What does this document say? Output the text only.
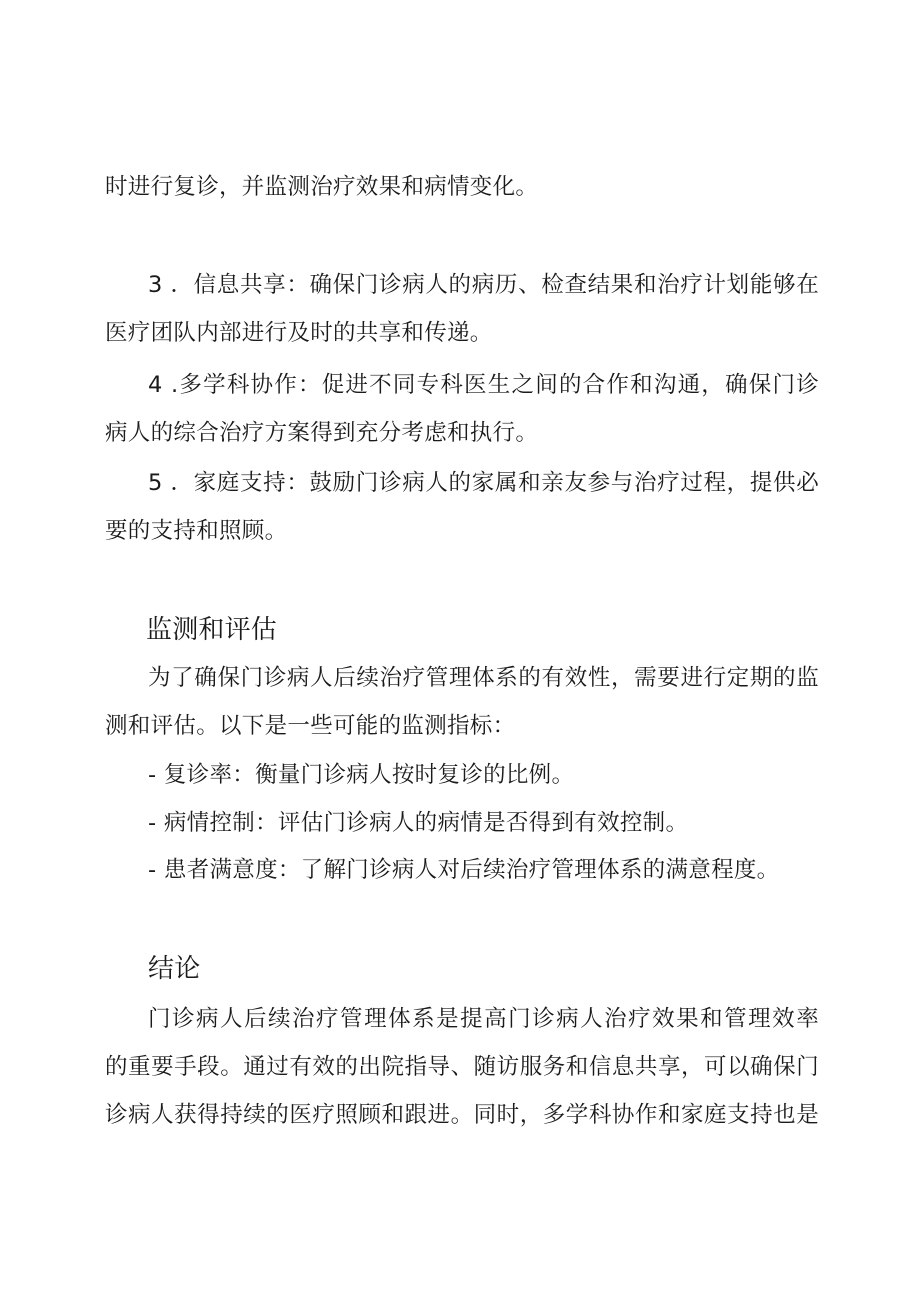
时进行复诊，并监测治疗效果和病情变化。
3 ．信息共享：确保门诊病人的病历、检查结果和治疗计划能够在
医疗团队内部进行及时的共享和传递。
4 .多学科协作：促进不同专科医生之间的合作和沟通，确保门诊
病人的综合治疗方案得到充分考虑和执行。
5 ．家庭支持：鼓励门诊病人的家属和亲友参与治疗过程，提供必
要的支持和照顾。
监测和评估
为了确保门诊病人后续治疗管理体系的有效性，需要进行定期的监
测和评估。以下是一些可能的监测指标：
- 复诊率：衡量门诊病人按时复诊的比例。
- 病情控制：评估门诊病人的病情是否得到有效控制。
- 患者满意度：了解门诊病人对后续治疗管理体系的满意程度。
结论
门诊病人后续治疗管理体系是提高门诊病人治疗效果和管理效率
的重要手段。通过有效的出院指导、随访服务和信息共享，可以确保门
诊病人获得持续的医疗照顾和跟进。同时，多学科协作和家庭支持也是
